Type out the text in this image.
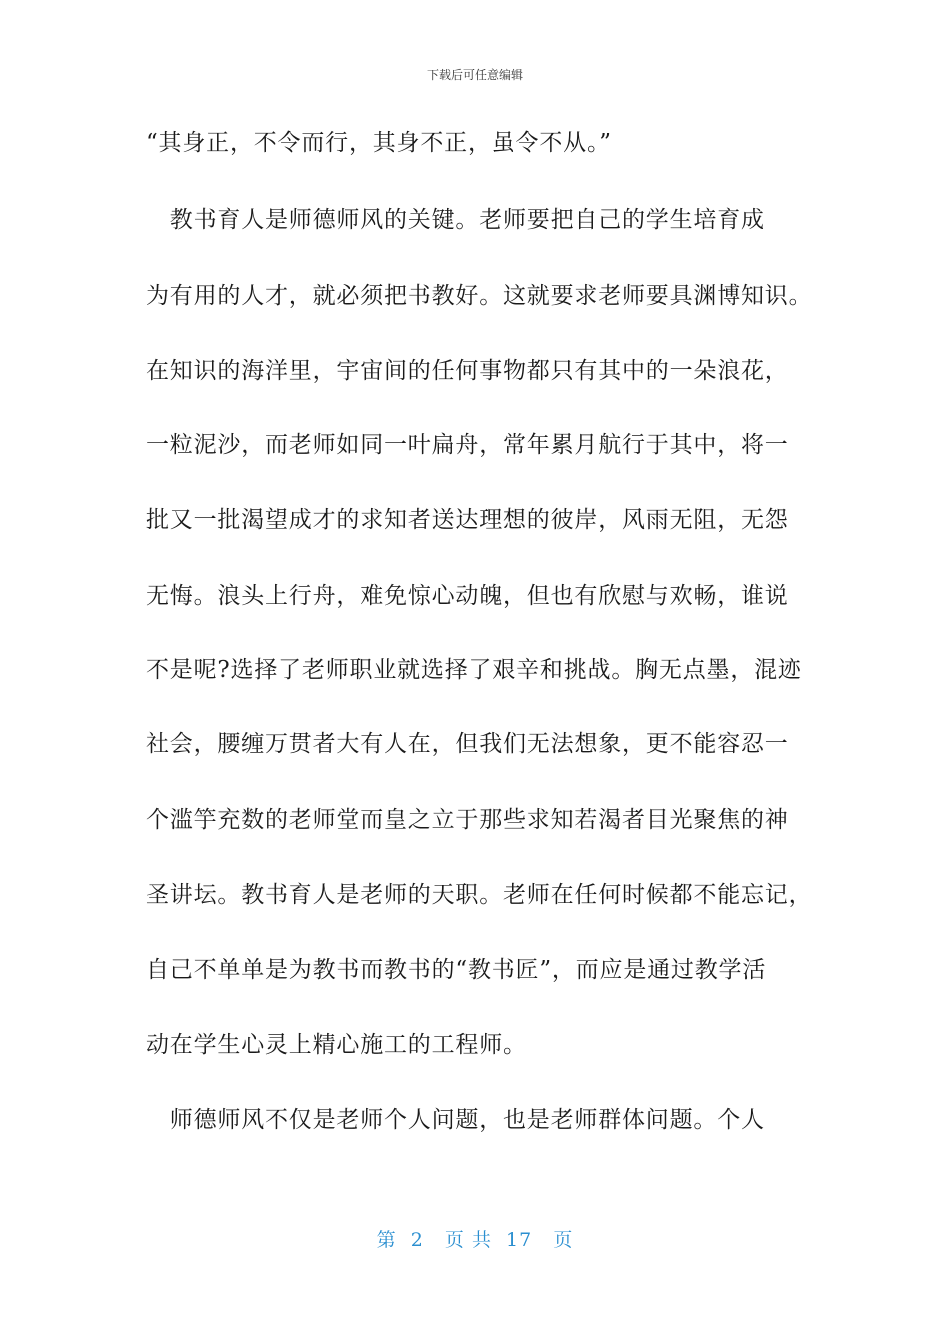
下载后可任意编辑
“其身正，不令而行，其身不正，虽令不从。”
　教书育人是师德师风的关键。老师要把自己的学生培育成
为有用的人才，就必须把书教好。这就要求老师要具渊博知识。
在知识的海洋里，宇宙间的任何事物都只有其中的一朵浪花，
一粒泥沙，而老师如同一叶扁舟，常年累月航行于其中，将一
批又一批渴望成才的求知者送达理想的彼岸，风雨无阻，无怨
无悔。浪头上行舟，难免惊心动魄，但也有欣慰与欢畅，谁说
不是呢?选择了老师职业就选择了艰辛和挑战。胸无点墨，混迹
社会，腰缠万贯者大有人在，但我们无法想象，更不能容忍一
个滥竽充数的老师堂而皇之立于那些求知若渴者目光聚焦的神
圣讲坛。教书育人是老师的天职。老师在任何时候都不能忘记，
自己不单单是为教书而教书的“教书匠”，而应是通过教学活
动在学生心灵上精心施工的工程师。
　师德师风不仅是老师个人问题，也是老师群体问题。个人
第  2   页 共  17   页
